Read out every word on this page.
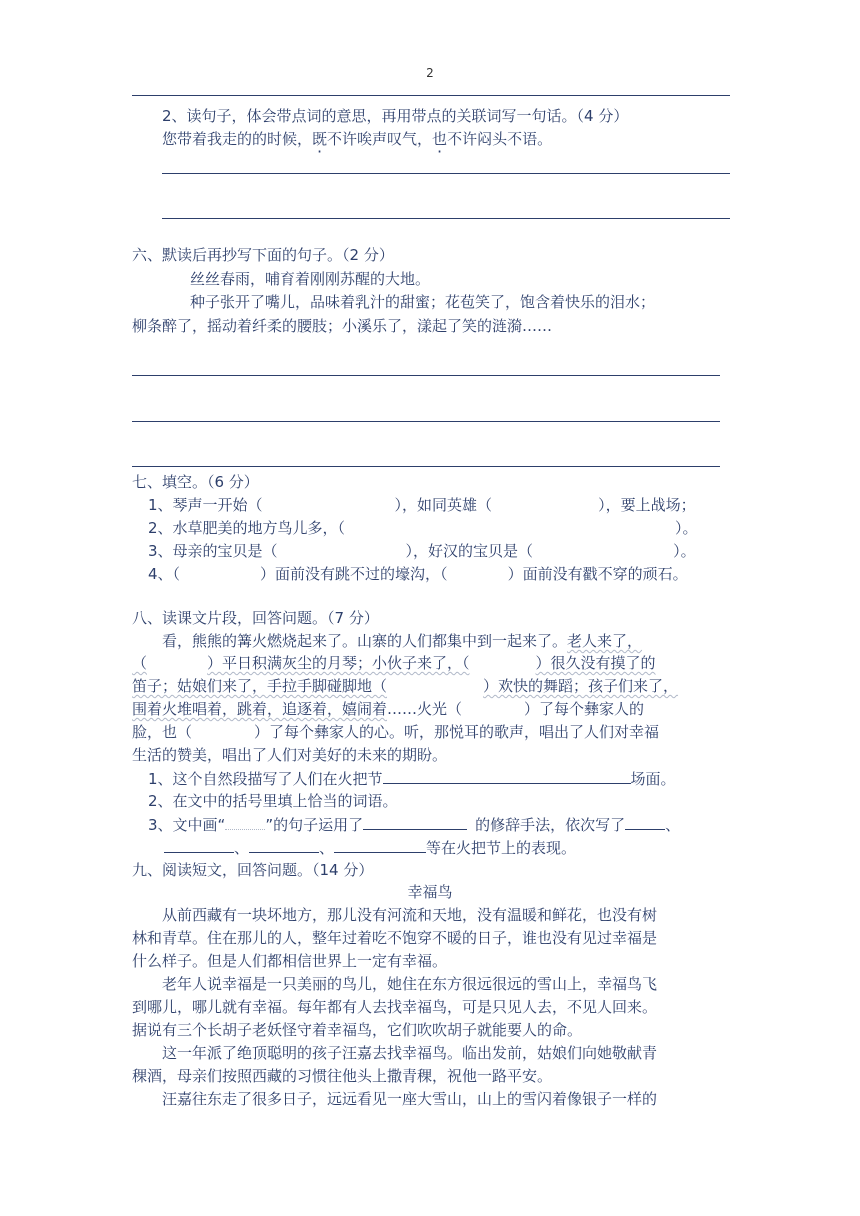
2
2、读句子，体会带点词的意思，再用带点的关联词写一句话。（4 分）
您带着我走的的时候，既不许唉声叹气，也不许闷头不语。
六、默读后再抄写下面的句子。（2 分）
丝丝春雨，哺育着刚刚苏醒的大地。
种子张开了嘴儿，品味着乳汁的甜蜜；花苞笑了，饱含着快乐的泪水；
柳条醉了，摇动着纤柔的腰肢；小溪乐了，漾起了笑的涟漪……
七、填空。（6 分）
1、琴声一开始（	），如同英雄（	），要上战场；
2、水草肥美的地方鸟儿多，（	）。
3、母亲的宝贝是（	），好汉的宝贝是（	）。
4、（	）面前没有跳不过的壕沟，（	）面前没有戳不穿的顽石。
八、读课文片段，回答问题。（7 分）
看，熊熊的篝火燃烧起来了。山寨的人们都集中到一起来了。老人来了，
（	）平日积满灰尘的月琴；小伙子来了，（	）很久没有摸了的
笛子；姑娘们来了，手拉手脚碰脚地（	）欢快的舞蹈；孩子们来了，
围着火堆唱着，跳着，追逐着，嬉闹着……火光（	）了每个彝家人的
脸，也（	）了每个彝家人的心。听，那悦耳的歌声，唱出了人们对幸福
生活的赞美，唱出了人们对美好的未来的期盼。
1、这个自然段描写了人们在火把节	场面。
2、在文中的括号里填上恰当的词语。
3、文中画“	”的句子运用了	的修辞手法，依次写了	、
、	、	等在火把节上的表现。
九、阅读短文，回答问题。（14 分）
幸福鸟
从前西藏有一块坏地方，那儿没有河流和天地，没有温暖和鲜花，也没有树
林和青草。住在那儿的人，整年过着吃不饱穿不暖的日子，谁也没有见过幸福是
什么样子。但是人们都相信世界上一定有幸福。
老年人说幸福是一只美丽的鸟儿，她住在东方很远很远的雪山上，幸福鸟飞
到哪儿，哪儿就有幸福。每年都有人去找幸福鸟，可是只见人去，不见人回来。
据说有三个长胡子老妖怪守着幸福鸟，它们吹吹胡子就能要人的命。
这一年派了绝顶聪明的孩子汪嘉去找幸福鸟。临出发前，姑娘们向她敬献青
稞酒，母亲们按照西藏的习惯往他头上撒青稞，祝他一路平安。
汪嘉往东走了很多日子，远远看见一座大雪山，山上的雪闪着像银子一样的
